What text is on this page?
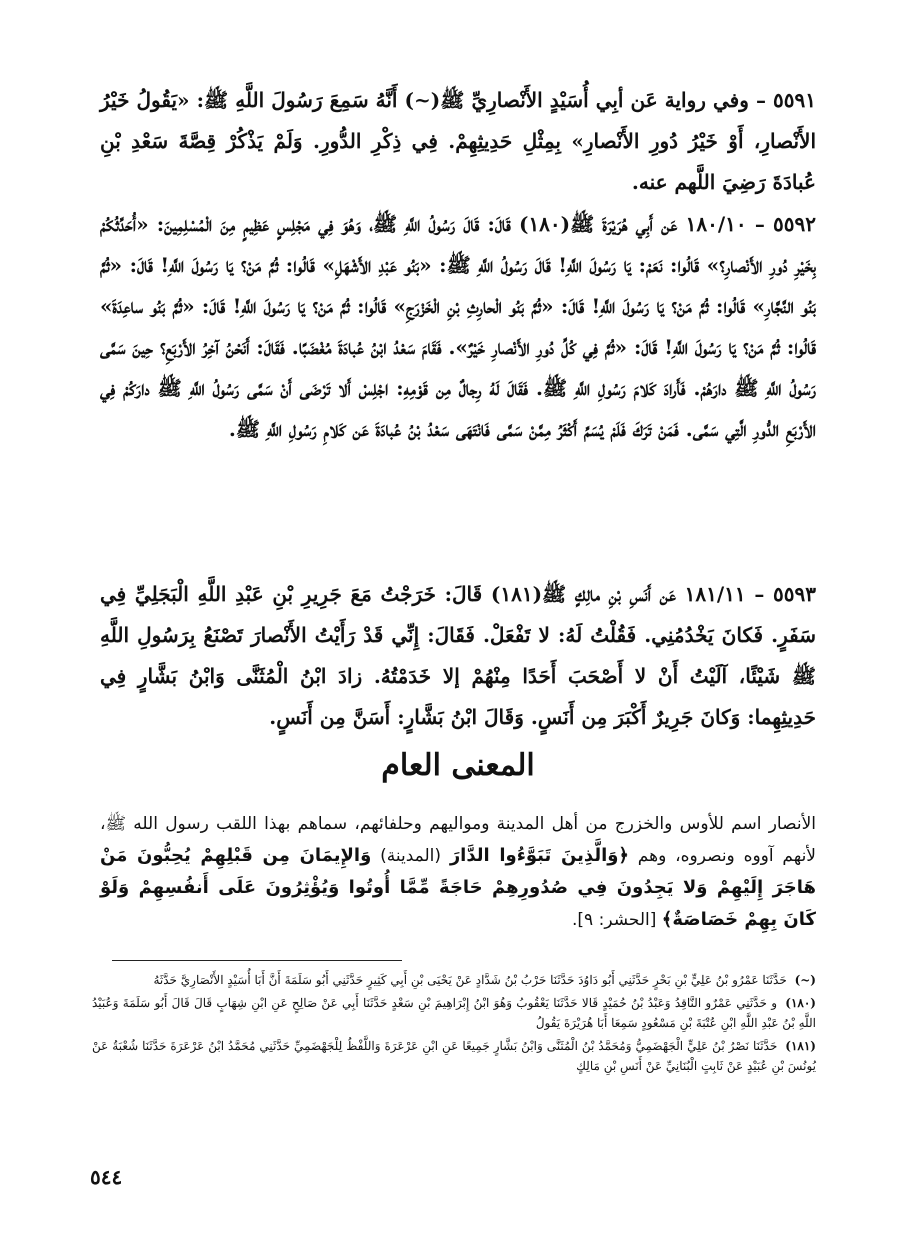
٥٥٩١ – وفي رواية عَن أبِي أُسَيْدٍ الأَنْصارِيِّ ﷺ(~) أَنَّهُ سَمِعَ رَسُولَ اللَّهِ ﷺ: «يَقُولُ خَيْرُ الأَنْصارِ، أَوْ خَيْرُ دُورِ الأَنْصارِ» بِمِثْلِ حَدِيثِهِمْ. فِي ذِكْرِ الدُّورِ. وَلَمْ يَذْكُرْ قِصَّةَ سَعْدِ بْنِ عُبادَةَ رَضِيَ اللَّهم عنه.
٥٥٩٢ – ١٨٠/١٠ عَن أَبِي هُرَيْرَةَ ﷺ(١٨٠) قَالَ: قَالَ رَسُولُ اللَّهِ ﷺ، وَهُوَ فِي مَجْلِسٍ عَظِيمٍ مِنَ الْمُسْلِمِينَ: «أُحَدِّثُكُمْ بِخَيْرِ دُورِ الأَنْصارِ؟» قَالُوا: نَعَمْ: يَا رَسُولَ اللَّهِ! قَالَ رَسُولُ اللَّهِ ﷺ: «بَنُو عَبْدِ الأَشْهَلِ» قَالُوا: ثُمَّ مَنْ؟ يَا رَسُولَ اللَّهِ! قَالَ: «ثُمَّ بَنُو النَّجَّارِ» قَالُوا: ثُمَّ مَنْ؟ يَا رَسُولَ اللَّهِ! قَالَ: «ثُمَّ بَنُو الْحارِثِ بْنِ الْخَزْرَجِ» قَالُوا: ثُمَّ مَنْ؟ يَا رَسُولَ اللَّهِ! قَالَ: «ثُمَّ بَنُو ساعِدَةَ» قَالُوا: ثُمَّ مَنْ؟ يَا رَسُولَ اللَّهِ! قَالَ: «ثُمَّ فِي كُلِّ دُورِ الأَنْصارِ خَيْرٌ». فَقَامَ سَعْدُ ابْنُ عُبادَةَ مُغْضَبًا. فَقَالَ: أَنَحْنُ آخِرُ الأَرْبَعِ؟ حِينَ سَمَّى رَسُولُ اللَّهِ ﷺ دارَهُمْ. فَأَرادَ كَلامَ رَسُولِ اللَّهِ ﷺ. فَقَالَ لَهُ رِجالٌ مِن قَوْمِهِ: اجْلِسْ أَلا تَرْضَى أَنْ سَمَّى رَسُولُ اللَّهِ ﷺ دارَكُمْ فِي الأَرْبَعِ الدُّورِ الَّتِي سَمَّى. فَمَنْ تَرَكَ فَلَمْ يُسَمِّ أَكْثَرُ مِمَّنْ سَمَّى فَانْتَهَى سَعْدُ بْنُ عُبادَةَ عَن كَلامِ رَسُولِ اللَّهِ ﷺ.
٥٥٩٣ – ١٨١/١١ عَن أَنَسِ بْنِ مالِكٍ ﷺ(١٨١) قَالَ: خَرَجْتُ مَعَ جَرِيرِ بْنِ عَبْدِ اللَّهِ الْبَجَلِيِّ فِي سَفَرٍ. فَكانَ يَخْدُمُنِي. فَقُلْتُ لَهُ: لا تَفْعَلْ. فَقَالَ: إِنِّي قَدْ رَأَيْتُ الأَنْصارَ تَصْنَعُ بِرَسُولِ اللَّهِ ﷺ شَيْئًا، آلَيْتُ أَنْ لا أَصْحَبَ أَحَدًا مِنْهُمْ إلا خَدَمْتُهُ. زادَ ابْنُ الْمُثَنَّى وَابْنُ بَشَّارٍ فِي حَدِيثِهِما: وَكانَ جَرِيرٌ أَكْبَرَ مِن أَنَسٍ. وَقَالَ ابْنُ بَشَّارٍ: أَسَنَّ مِن أَنَسٍ.
المعنى العام
الأنصار اسم للأوس والخزرج من أهل المدينة ومواليهم وحلفائهم، سماهم بهذا اللقب رسول الله ﷺ، لأنهم آووه ونصروه، وهم ﴿وَالَّذِينَ تَبَوَّءُوا الدَّارَ (المدينة) وَالإِيمَانَ مِن قَبْلِهِمْ يُحِبُّونَ مَنْ هَاجَرَ إِلَيْهِمْ وَلا يَجِدُونَ فِي صُدُورِهِمْ حَاجَةً مِّمَّا أُوتُوا وَيُؤْثِرُونَ عَلَى أَنفُسِهِمْ وَلَوْ كَانَ بِهِمْ خَصَاصَةٌ﴾ [الحشر: ٩].

(~) حَدَّثَنَا عَمْرُو بْنُ عَلِيٍّ بْنِ بَحْرٍ حَدَّثَنِي أَبُو دَاوُدَ حَدَّثَنَا حَرْبُ بْنُ شَدَّادٍ عَنْ يَحْيَى بْنِ أَبِي كَثِيرٍ حَدَّثَنِي أَبُو سَلَمَةَ أَنَّ أَبَا أُسَيْدٍ الأَنْصَارِيَّ حَدَّثَهُ

(١٨٠) و حَدَّثَنِي عَمْرٌو النَّاقِدُ وَعَبْدُ بْنُ حُمَيْدٍ قَالا حَدَّثَنَا يَعْقُوبُ وَهُوَ ابْنُ إِبْرَاهِيمَ بْنِ سَعْدٍ حَدَّثَنَا أَبِي عَنْ صَالِحٍ عَنِ ابْنِ شِهَابٍ قَالَ قَالَ أَبُو سَلَمَةَ وَعُبَيْدُ اللَّهِ بْنُ عَبْدِ اللَّهِ ابْنِ عُتْبَةَ بْنِ مَسْعُودٍ سَمِعَا أَبَا هُرَيْرَةَ يَقُولُ

(١٨١) حَدَّثَنَا نَصْرُ بْنُ عَلِيٍّ الْجَهْضَمِيُّ وَمُحَمَّدُ بْنُ الْمُثَنَّى وَابْنُ بَشَّارٍ جَمِيعًا عَنِ ابْنِ عَرْعَرَةَ وَاللَّفْظُ لِلْجَهْضَمِيِّ حَدَّثَنِي مُحَمَّدُ ابْنُ عَرْعَرَةَ حَدَّثَنَا شُعْبَةُ عَنْ يُونُسَ بْنِ عُبَيْدٍ عَنْ ثَابِتٍ الْبُنَانِيِّ عَنْ أَنَسِ بْنِ مَالِكٍ

٥٤٤
